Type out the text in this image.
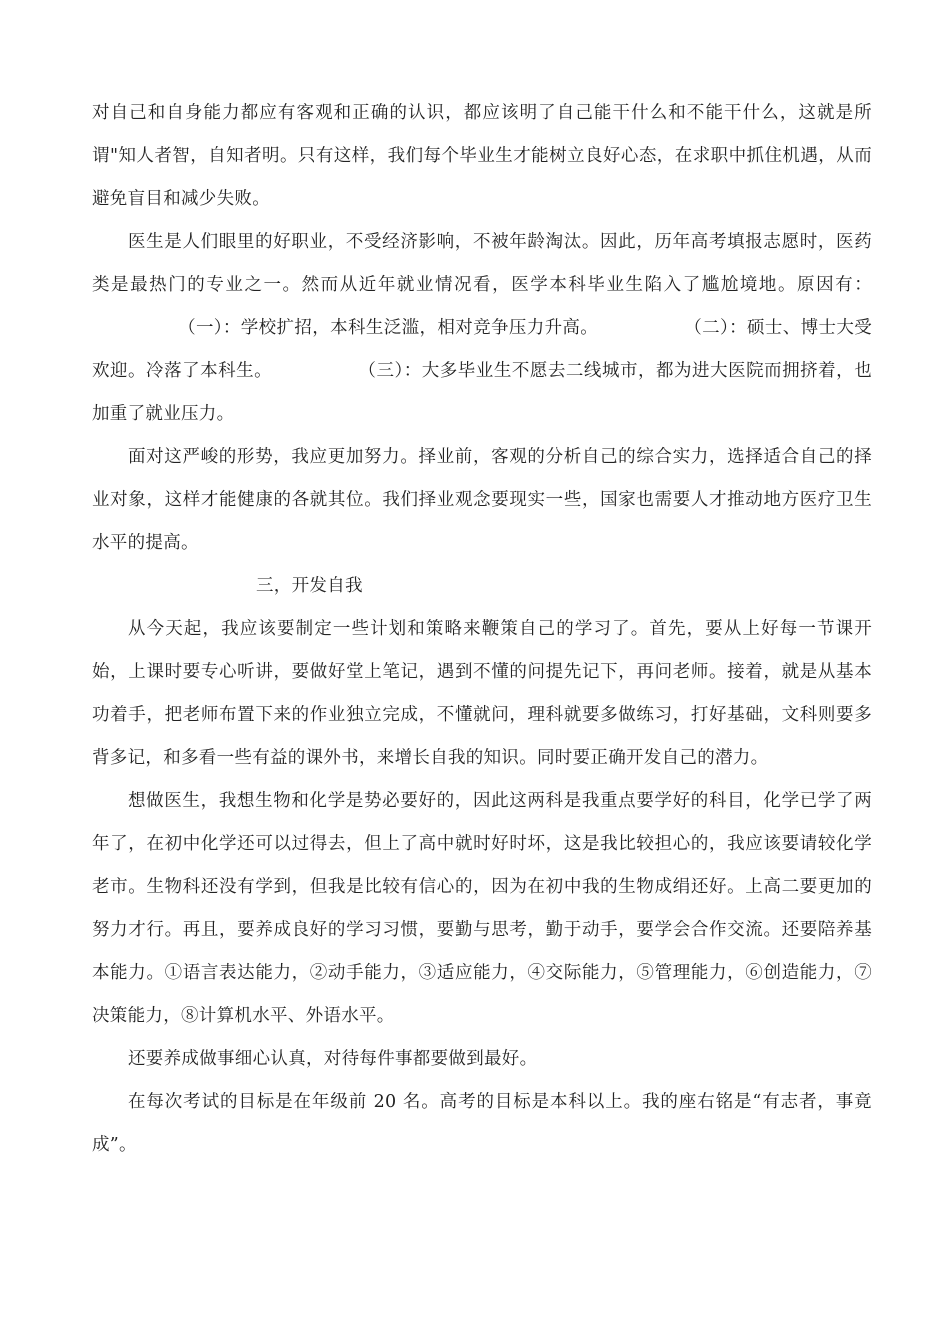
对自己和自身能力都应有客观和正确的认识，都应该明了自己能干什么和不能干什么，这就是所谓"知人者智，自知者明。只有这样，我们每个毕业生才能树立良好心态，在求职中抓住机遇，从而避免盲目和减少失败。

医生是人们眼里的好职业，不受经济影响，不被年龄淘汰。因此，历年高考填报志愿时，医药类是最热门的专业之一。然而从近年就业情况看，医学本科毕业生陷入了尴尬境地。原因有：（一）：学校扩招，本科生泛滥，相对竞争压力升高。	（二）：硕士、博士大受欢迎。冷落了本科生。	（三）：大多毕业生不愿去二线城市，都为进大医院而拥挤着，也加重了就业压力。

面对这严峻的形势，我应更加努力。择业前，客观的分析自己的综合实力，选择适合自己的择业对象，这样才能健康的各就其位。我们择业观念要现实一些，国家也需要人才推动地方医疗卫生水平的提高。

三，开发自我

从今天起，我应该要制定一些计划和策略来鞭策自己的学习了。首先，要从上好每一节课开始，上课时要专心听讲，要做好堂上笔记，遇到不懂的问提先记下，再问老师。接着，就是从基本功着手，把老师布置下来的作业独立完成，不懂就问，理科就要多做练习，打好基础，文科则要多背多记，和多看一些有益的课外书，来增长自我的知识。同时要正确开发自己的潜力。

想做医生，我想生物和化学是势必要好的，因此这两科是我重点要学好的科目，化学已学了两年了，在初中化学还可以过得去，但上了高中就时好时坏，这是我比较担心的，我应该要请较化学老市。生物科还没有学到，但我是比较有信心的，因为在初中我的生物成绢还好。上高二要更加的努力才行。再且，要养成良好的学习习惯，要勤与思考，勤于动手，要学会合作交流。还要陪养基本能力。①语言表达能力，②动手能力，③适应能力，④交际能力，⑤管理能力，⑥创造能力，⑦决策能力，⑧计算机水平、外语水平。

还要养成做事细心认真，对待每件事都要做到最好。

在每次考试的目标是在年级前 20 名。高考的目标是本科以上。我的座右铭是“有志者，事竟成”。
